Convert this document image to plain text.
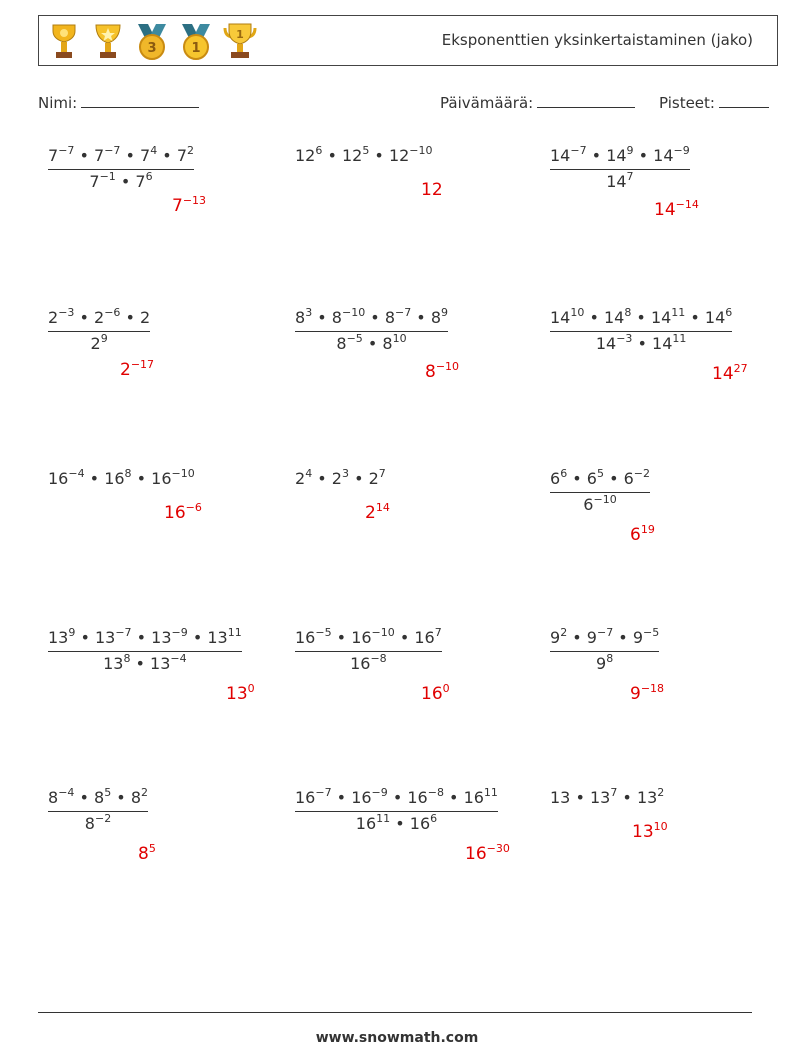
3	1
1	Eksponenttien yksinkertaistaminen (jako)
Nimi:	Päivämäärä:	Pisteet:
$\frac{7^{-7} • 7^{-7} • 7^4 • 7^2}{7^{-1} • 7^6}$
$7^{-13}$
$12^6$ • $12^5$ • $12^{-10}$
12	$\frac{14^{-7} • 14^9 • 14^{-9}}{14^7}$
$14^{-14}$
$\frac{2^{-3} • 2^{-6} • 2}{2^9}$
$2^{-17}$
$\frac{8^3 • 8^{-10} • 8^{-7} • 8^9}{8^{-5} • 8^{10}}$
$8^{-10}$
$\frac{14^{10} • 14^8 • 14^{11} • 14^6}{14^{-3} • 14^{11}}$
$14^{27}$
$16^{-4}$ • $16^8$ • $16^{-10}$
$16^{-6}$
$2^4$ • $2^3$ • $2^7$
$2^{14}$	$\frac{6^6 • 6^5 • 6^{-2}}{6^{-10}}$
$6^{19}$
$\frac{13^9 • 13^{-7} • 13^{-9} • 13^{11}}{13^8 • 13^{-4}}$
$13^0$
$\frac{16^{-5} • 16^{-10} • 16^7}{16^{-8}}$
$16^0$
$\frac{9^2 • 9^{-7} • 9^{-5}}{9^8}$
$9^{-18}$
$\frac{8^{-4} • 8^5 • 8^2}{8^{-2}}$
$8^5$
$\frac{16^{-7} • 16^{-9} • 16^{-8} • 16^{11}}{16^{11} • 16^6}$
$16^{-30}$
13 • $13^7$ • $13^2$
$13^{10}$
www.snowmath.com
